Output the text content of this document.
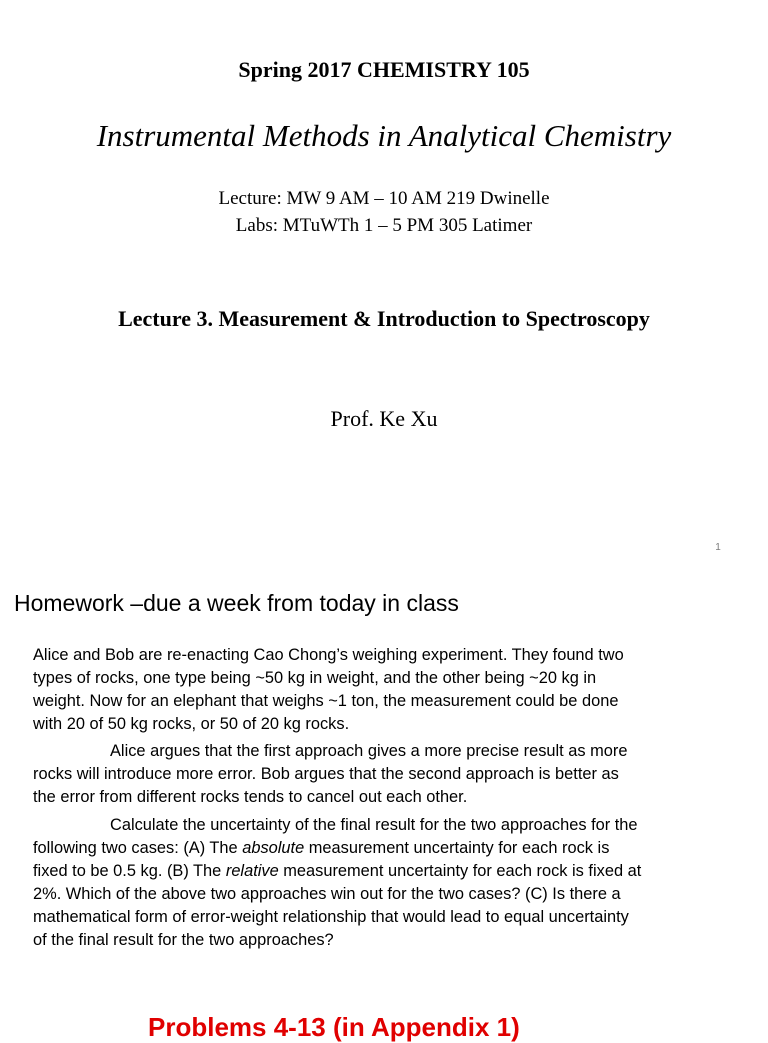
Spring 2017 CHEMISTRY 105
Instrumental Methods in Analytical Chemistry
Lecture: MW 9 AM – 10 AM 219 Dwinelle
Labs: MTuWTh 1 – 5 PM 305 Latimer
Lecture 3. Measurement & Introduction to Spectroscopy
Prof. Ke Xu
1
Homework –due a week from today in class
Alice and Bob are re-enacting Cao Chong’s weighing experiment. They found two
types of rocks, one type being ~50 kg in weight, and the other being ~20 kg in
weight. Now for an elephant that weighs ~1 ton, the measurement could be done
with 20 of 50 kg rocks, or 50 of 20 kg rocks.
Alice argues that the first approach gives a more precise result as more
rocks will introduce more error. Bob argues that the second approach is better as
the error from different rocks tends to cancel out each other.
Calculate the uncertainty of the final result for the two approaches for the
following two cases: (A) The absolute measurement uncertainty for each rock is
fixed to be 0.5 kg. (B) The relative measurement uncertainty for each rock is fixed at
2%. Which of the above two approaches win out for the two cases? (C) Is there a
mathematical form of error-weight relationship that would lead to equal uncertainty
of the final result for the two approaches?
Problems 4-13 (in Appendix 1)
